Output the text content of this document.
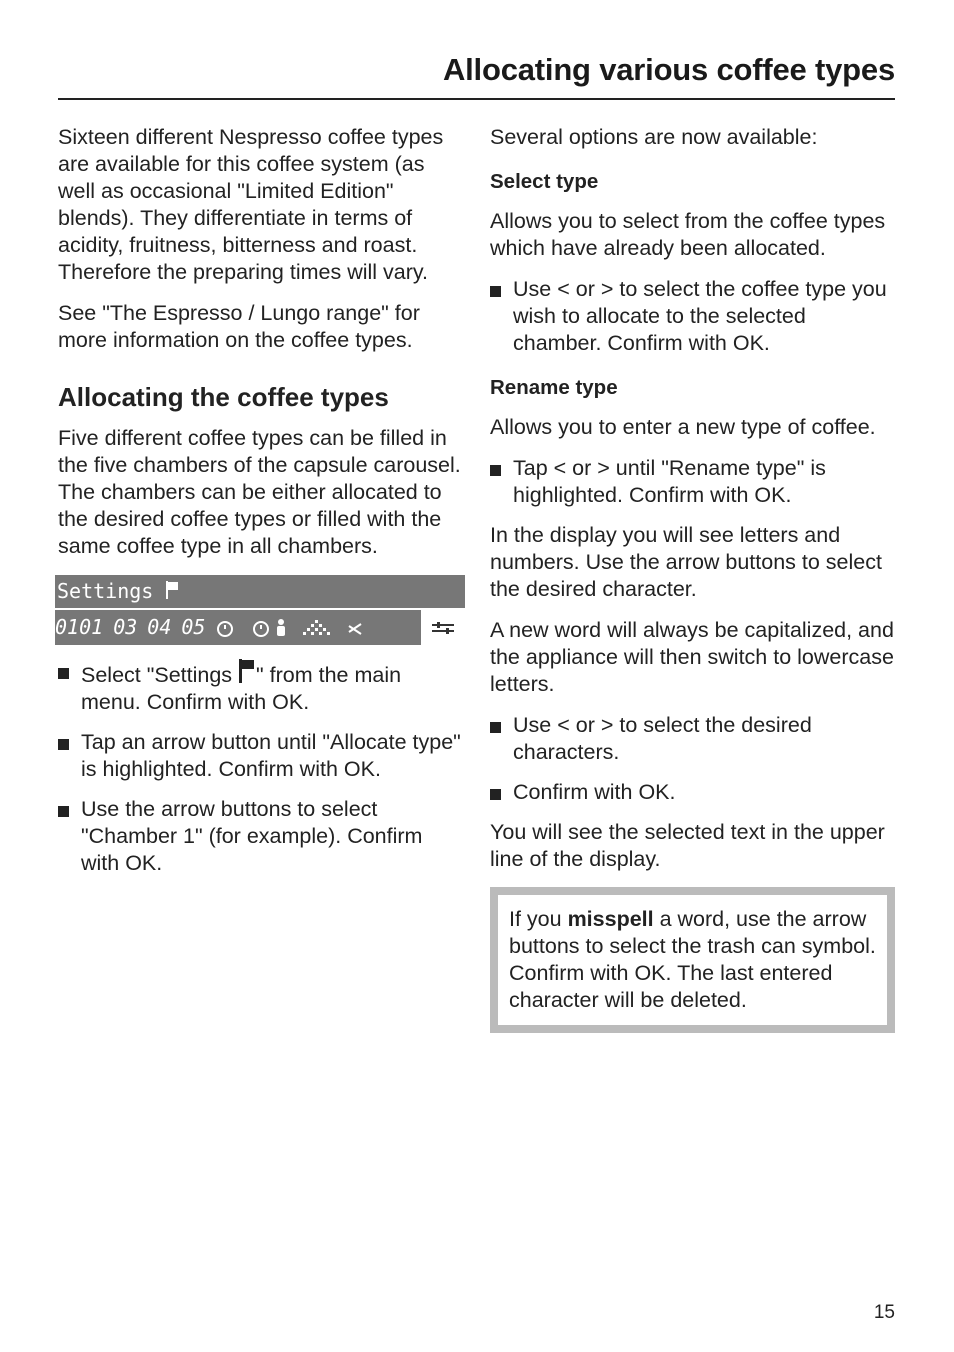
Allocating various coffee types

Sixteen different Nespresso coffee types are available for this coffee system (as well as occasional "Limited Edition" blends). They differentiate in terms of acidity, fruitness, bitterness and roast. Therefore the preparing times will vary.

See "The Espresso / Lungo range" for more information on the coffee types.

Allocating the coffee types

Five different coffee types can be filled in the five chambers of the capsule carousel. The chambers can be either allocated to the desired coffee types or filled with the same coffee type in all chambers.

Settings
01 01 03 04 05
Select "Settings " from the main menu. Confirm with OK.
Tap an arrow button until "Allocate type" is highlighted. Confirm with OK.
Use the arrow buttons to select "Chamber 1" (for example). Confirm with OK.

Several options are now available:

Select type

Allows you to select from the coffee types which have already been allocated.

Use < or > to select the coffee type you wish to allocate to the selected chamber. Confirm with OK.
Rename type

Allows you to enter a new type of coffee.

Tap < or > until "Rename type" is highlighted. Confirm with OK.

In the display you will see letters and numbers. Use the arrow buttons to select the desired character.

A new word will always be capitalized, and the appliance will then switch to lowercase letters.

Use < or > to select the desired characters.
Confirm with OK.

You will see the selected text in the upper line of the display.

If you misspell a word, use the arrow buttons to select the trash can symbol. Confirm with OK. The last entered character will be deleted.
15
